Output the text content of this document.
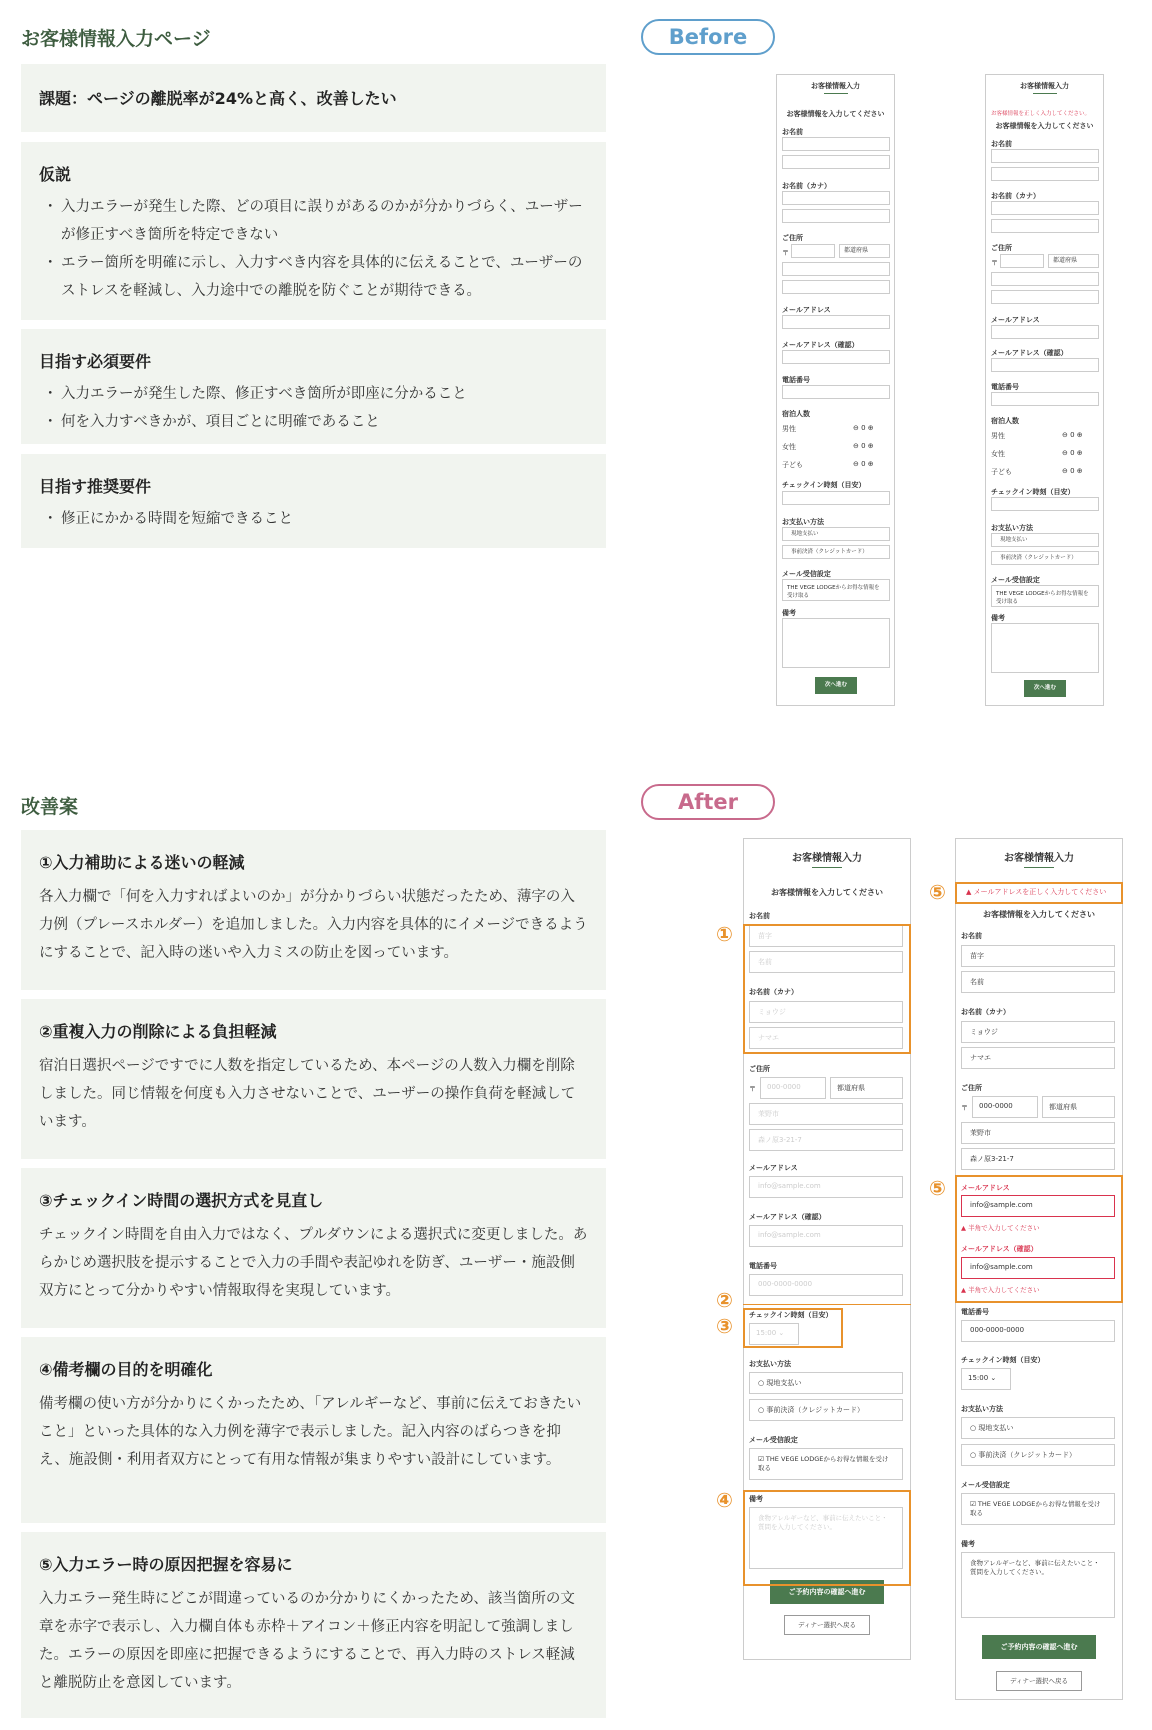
お客様情報入力ページ
課題：ページの離脱率が24%と高く、改善したい
仮説
・ 入力エラーが発生した際、どの項目に誤りがあるのかが分かりづらく、ユーザーが修正すべき箇所を特定できない
・ エラー箇所を明確に示し、入力すべき内容を具体的に伝えることで、ユーザーのストレスを軽減し、入力途中での離脱を防ぐことが期待できる。
目指す必須要件
・ 入力エラーが発生した際、修正すべき箇所が即座に分かること
・ 何を入力すべきかが、項目ごとに明確であること
目指す推奨要件
・ 修正にかかる時間を短縮できること
改善案
①入力補助による迷いの軽減

各入力欄で「何を入力すればよいのか」が分かりづらい状態だったため、薄字の入力例（プレースホルダー）を追加しました。入力内容を具体的にイメージできるようにすることで、記入時の迷いや入力ミスの防止を図っています。

②重複入力の削除による負担軽減

宿泊日選択ページですでに人数を指定しているため、本ページの人数入力欄を削除しました。同じ情報を何度も入力させないことで、ユーザーの操作負荷を軽減しています。

③チェックイン時間の選択方式を見直し

チェックイン時間を自由入力ではなく、プルダウンによる選択式に変更しました。あらかじめ選択肢を提示することで入力の手間や表記ゆれを防ぎ、ユーザー・施設側双方にとって分かりやすい情報取得を実現しています。

④備考欄の目的を明確化

備考欄の使い方が分かりにくかったため、「アレルギーなど、事前に伝えておきたいこと」といった具体的な入力例を薄字で表示しました。記入内容のばらつきを抑え、施設側・利用者双方にとって有用な情報が集まりやすい設計にしています。

⑤入力エラー時の原因把握を容易に

入力エラー発生時にどこが間違っているのか分かりにくかったため、該当箇所の文章を赤字で表示し、入力欄自体も赤枠＋アイコン＋修正内容を明記して強調しました。エラーの原因を即座に把握できるようにすることで、再入力時のストレス軽減と離脱防止を意図しています。

Before
After
お客様情報入力
お客様情報を入力してください
お名前
お名前（カナ）
ご住所
〒	都道府県
メールアドレス
メールアドレス（確認）
電話番号
宿泊人数
男性	⊖ 0 ⊕
女性	⊖ 0 ⊕
子ども	⊖ 0 ⊕
チェックイン時刻（目安）
お支払い方法
現地支払い
事前決済（クレジットカード）
メール受信設定
THE VEGE LODGEからお得な情報を受け取る
備考
次へ進む
お客様情報入力
お客様情報を正しく入力してください。
お客様情報を入力してください
お名前
お名前（カナ）
ご住所
〒	都道府県
メールアドレス
メールアドレス（確認）
電話番号
宿泊人数
男性	⊖ 0 ⊕
女性	⊖ 0 ⊕
子ども	⊖ 0 ⊕
チェックイン時刻（目安）
お支払い方法
現地支払い
事前決済（クレジットカード）
メール受信設定
THE VEGE LODGEからお得な情報を受け取る
備考
次へ進む
お客様情報入力
お客様情報を入力してください
お名前
苗字
名前
お名前（カナ）
ミョウジ
ナマエ
ご住所
〒	000-0000	都道府県
茉野市
森ノ原3-21-7
メールアドレス
info@sample.com
メールアドレス（確認）
info@sample.com
電話番号
000-0000-0000
チェックイン時刻（目安）
15:00 ⌄
お支払い方法
○ 現地支払い
○ 事前決済（クレジットカード）
メール受信設定
☑ THE VEGE LODGEからお得な情報を受け取る
備考
食物アレルギーなど、事前に伝えたいこと・質問を入力してください。
ご予約内容の確認へ進む
ディナー選択へ戻る
お客様情報入力
▲ メールアドレスを正しく入力してください
お客様情報を入力してください
お名前
苗字
名前
お名前（カナ）
ミョウジ
ナマエ
ご住所
〒	000-0000	都道府県
茉野市
森ノ原3-21-7
メールアドレス
info@sample.com
▲ 半角で入力してください
メールアドレス（確認）
info@sample.com
▲ 半角で入力してください
電話番号
000-0000-0000
チェックイン時刻（目安）
15:00 ⌄
お支払い方法
○ 現地支払い
○ 事前決済（クレジットカード）
メール受信設定
☑ THE VEGE LODGEからお得な情報を受け取る
備考
食物アレルギーなど、事前に伝えたいこと・質問を入力してください。
ご予約内容の確認へ進む
ディナー選択へ戻る
①
②
③
④
⑤
⑤
